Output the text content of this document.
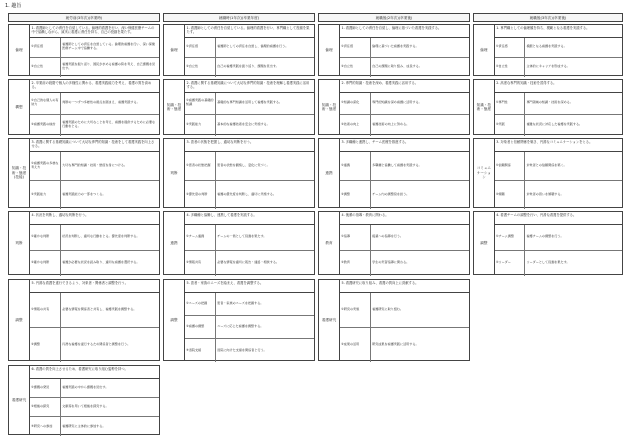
1. 趣旨
就労前(3年次)(卒業時)
倫理
1. 看護師としての責任を自覚している。倫理的看護を行い、深い保健医療チームの中で協働しながら、誠実に看護に責任を持ち、自己の役割を果たす。
①責任感	看護師としての責任を自覚している。倫理的看護を行い、深い保健医療チーム中で協働する。
②自立性	看護実践を振り返り、国民が求める看護の質を考え、自己課題を見出す。
構想
2. 卒業前の段階で個人の多様性に関わる、看護実践能力を考え、看護の質を高める。
①自己的な個人の有効力	判断の一つずつ多様性の視点を踏まえ、看護実践する。
②看護実践の検討	看護実践のために大切なことを考え、看護を提供するために必要な行動をとる。
知識・技術・態度(技能)
3. 看護に関する基礎知識について大切な専門的知識・技術をして看護実践を向上させる。
①看護実践の多様な考え方	大切な専門的知識・技術・態度を身につける。
②実践能力	看護実践能力の一部をつくる。
判断
4. 状況を判断し、適切な判断を行う。
①確かな判断	状況を判断し、適切な行動をとる。優先度を判断する。
②確かな判断	看護が必要な状況を読み取り、適切な看護を選択する。
調整
5. 円滑な看護を遂行できるよう、対象者・関係者と調整を行う。
①情報の共有	必要な情報を関係者と共有し、看護実践を調整する。
②調整	円滑な看護を遂行するため関係者と調整を行う。
看護研究
6. 看護の質を向上させるため、看護研究に取り組む姿勢を持つ。
①課題の発見	看護実践の中から課題を見出す。
②根拠の探究	文献等を用いて根拠を探究する。
③研究への参加	看護研究に主体的に参加する。
就職時(1年次)(卒業年度)
倫理
1. 看護師としての責任を自覚している。倫理的看護を行い、専門職として役割を果たす。
①責任感	看護師としての責任を自覚し、倫理的看護を行う。
②自立性	自己の看護実践を振り返り、課題を見出す。
知識・技術・態度
2. 看護に関する基礎知識について大切な専門的知識・技術を理解し看護実践に活用する。
①看護実践の基礎的知識	基礎的な専門知識を活用して看護を実践する。
②実践能力	基本的な看護技術を安全に実施する。
判断
3. 患者の状態を把握し、適切な判断を行う。
①患者の状態把握	患者の状態を観察し、変化に気づく。
②優先度の判断	看護の優先度を判断し、適切に実施する。
連携
4. 多職種と協働し、連携して看護を実践する。
①チーム連携	チームの一員として役割を果たす。
②情報共有	必要な情報を適切に報告・連絡・相談する。
調整
5. 患者・家族のニーズを踏まえ、看護を調整する。
①ニーズの把握	患者・家族のニーズを把握する。
②看護の調整	ニーズに応じた看護を調整する。
③退院支援	退院に向けた支援を関係者と行う。
就職後(2年次)(卒業後)
倫理
1. 看護師としての責任を自覚し、倫理に基づいた看護を実践する。
①責任感	倫理に基づいた看護を実践する。
②自立性	自己の課題に取り組み、成長する。
知識・技術・態度
2. 専門的知識・技術を深め、看護実践に活用する。
①知識の深化	専門的知識を深め看護に活用する。
②技術の向上	看護技術の向上に努める。
連携
3. 多職種と連携し、チーム医療を推進する。
①連携	多職種と協働して看護を実践する。
②調整	チーム内の調整役を担う。
教育
4. 後輩の指導・教育に関わる。
①指導	後輩への指導を行う。
②教育	学生の実習指導に関わる。
看護研究
5. 看護研究に取り組み、看護の質向上に貢献する。
①研究の実施	看護研究に取り組む。
②成果の活用	研究成果を看護実践に活用する。
就職後(3年次)(卒業後)
倫理
1. 専門職としての倫理観を持ち、模範となる看護を実践する。
①責任感	模範となる看護を実践する。
②自立性	主体的にキャリアを形成する。
知識・技術・態度
2. 高度な専門的知識・技術を習得する。
①専門性	専門領域の知識・技術を深める。
②実践	複雑な状況に対応した看護を実践する。
コミュニケーション
3. 対象者と信頼関係を築き、円滑なコミュニケーションをとる。
①信頼関係	対象者との信頼関係を築く。
②傾聴	対象者の思いを傾聴する。
調整
4. 看護チームの調整を行い、円滑な看護を提供する。
①チーム調整	看護チームの調整を行う。
②リーダー	リーダーとして役割を果たす。
